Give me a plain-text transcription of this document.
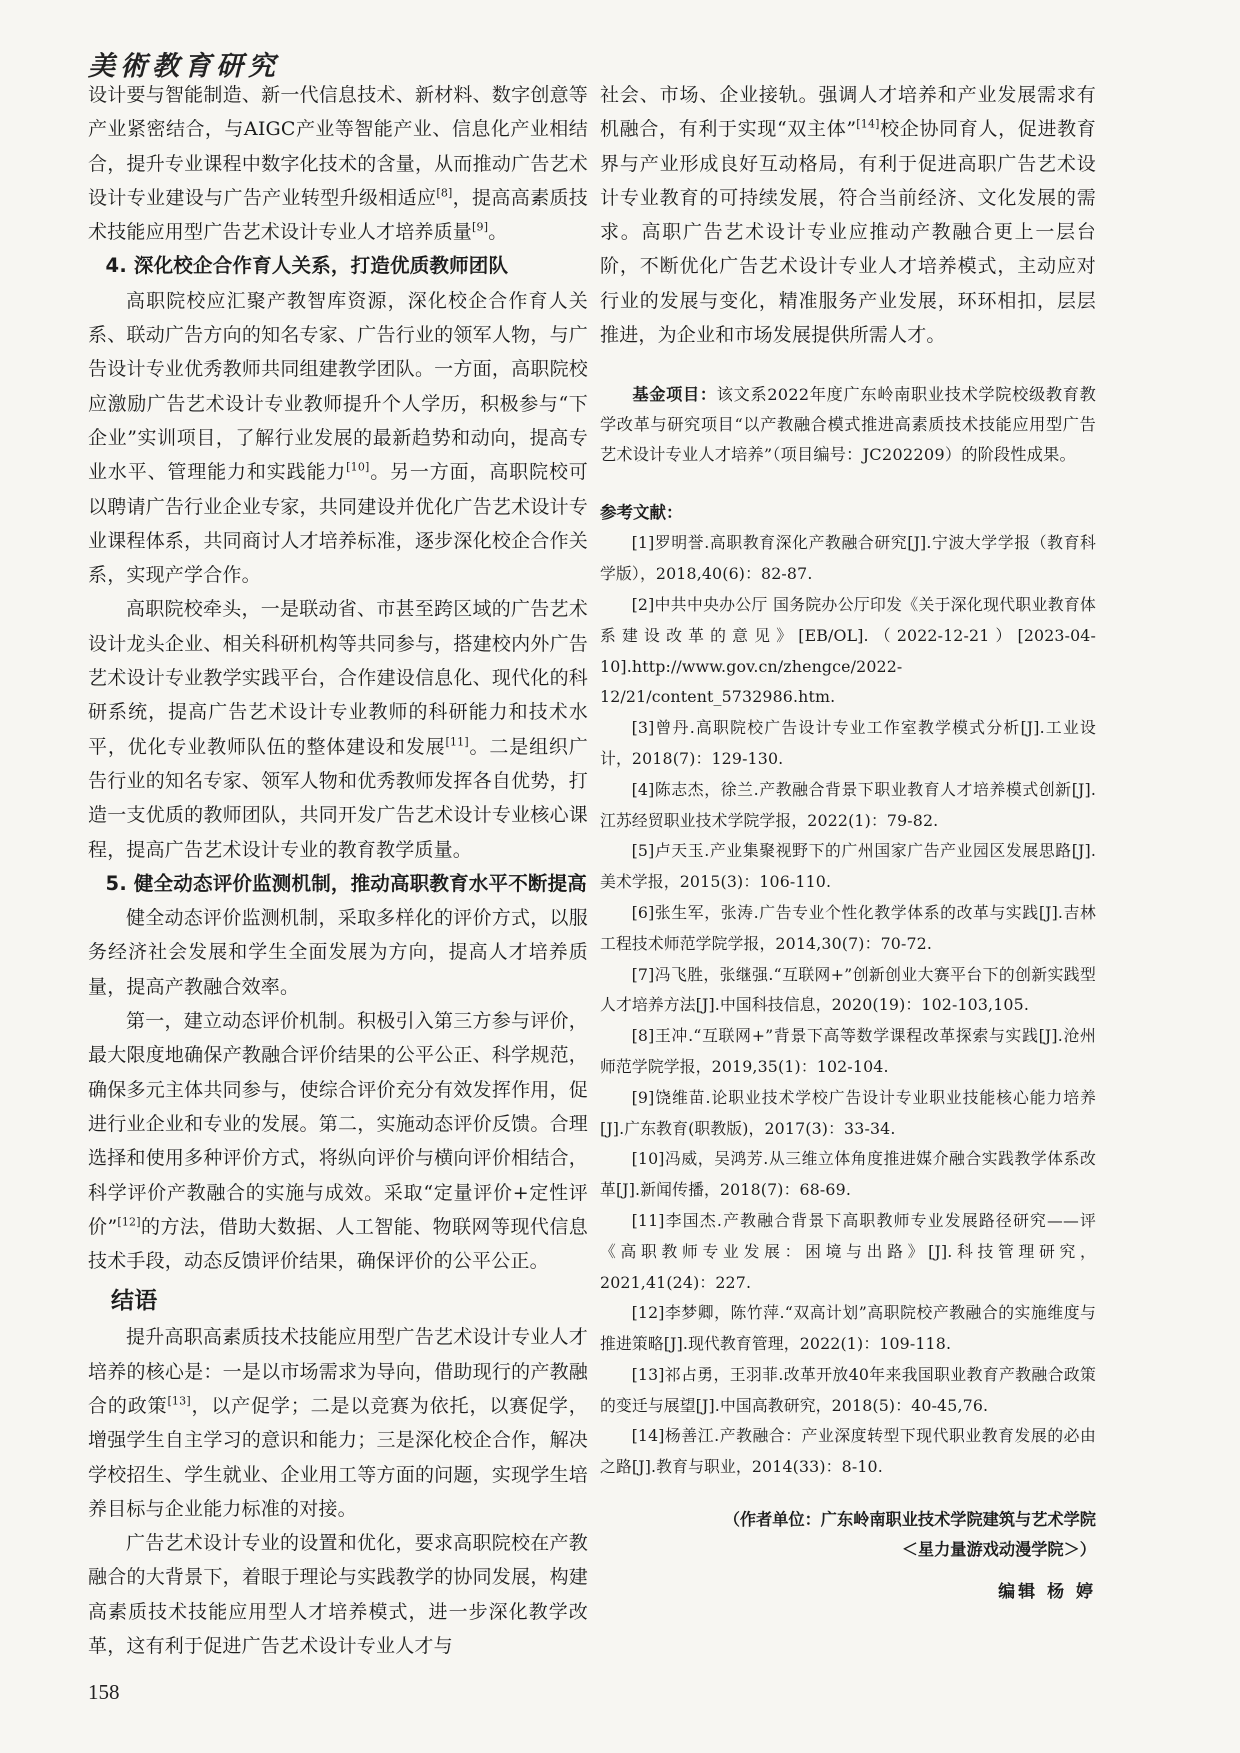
美術教育研究

设计要与智能制造、新一代信息技术、新材料、数字创意等产业紧密结合，与AIGC产业等智能产业、信息化产业相结合，提升专业课程中数字化技术的含量，从而推动广告艺术设计专业建设与广告产业转型升级相适应[8]，提高高素质技术技能应用型广告艺术设计专业人才培养质量[9]。

4. 深化校企合作育人关系，打造优质教师团队

高职院校应汇聚产教智库资源，深化校企合作育人关系、联动广告方向的知名专家、广告行业的领军人物，与广告设计专业优秀教师共同组建教学团队。一方面，高职院校应激励广告艺术设计专业教师提升个人学历，积极参与“下企业”实训项目，了解行业发展的最新趋势和动向，提高专业水平、管理能力和实践能力[10]。另一方面，高职院校可以聘请广告行业企业专家，共同建设并优化广告艺术设计专业课程体系，共同商讨人才培养标准，逐步深化校企合作关系，实现产学合作。

高职院校牵头，一是联动省、市甚至跨区域的广告艺术设计龙头企业、相关科研机构等共同参与，搭建校内外广告艺术设计专业教学实践平台，合作建设信息化、现代化的科研系统，提高广告艺术设计专业教师的科研能力和技术水平，优化专业教师队伍的整体建设和发展[11]。二是组织广告行业的知名专家、领军人物和优秀教师发挥各自优势，打造一支优质的教师团队，共同开发广告艺术设计专业核心课程，提高广告艺术设计专业的教育教学质量。

5. 健全动态评价监测机制，推动高职教育水平不断提高

健全动态评价监测机制，采取多样化的评价方式，以服务经济社会发展和学生全面发展为方向，提高人才培养质量，提高产教融合效率。

第一，建立动态评价机制。积极引入第三方参与评价，最大限度地确保产教融合评价结果的公平公正、科学规范，确保多元主体共同参与，使综合评价充分有效发挥作用，促进行业企业和专业的发展。第二，实施动态评价反馈。合理选择和使用多种评价方式，将纵向评价与横向评价相结合，科学评价产教融合的实施与成效。采取“定量评价+定性评价”[12]的方法，借助大数据、人工智能、物联网等现代信息技术手段，动态反馈评价结果，确保评价的公平公正。

结语

提升高职高素质技术技能应用型广告艺术设计专业人才培养的核心是：一是以市场需求为导向，借助现行的产教融合的政策[13]，以产促学；二是以竞赛为依托，以赛促学，增强学生自主学习的意识和能力；三是深化校企合作，解决学校招生、学生就业、企业用工等方面的问题，实现学生培养目标与企业能力标准的对接。

广告艺术设计专业的设置和优化，要求高职院校在产教融合的大背景下，着眼于理论与实践教学的协同发展，构建高素质技术技能应用型人才培养模式，进一步深化教学改革，这有利于促进广告艺术设计专业人才与

社会、市场、企业接轨。强调人才培养和产业发展需求有机融合，有利于实现“双主体”[14]校企协同育人，促进教育界与产业形成良好互动格局，有利于促进高职广告艺术设计专业教育的可持续发展，符合当前经济、文化发展的需求。高职广告艺术设计专业应推动产教融合更上一层台阶，不断优化广告艺术设计专业人才培养模式，主动应对行业的发展与变化，精准服务产业发展，环环相扣，层层推进，为企业和市场发展提供所需人才。

基金项目：该文系2022年度广东岭南职业技术学院校级教育教学改革与研究项目“以产教融合模式推进高素质技术技能应用型广告艺术设计专业人才培养”（项目编号：JC202209）的阶段性成果。

参考文献：

[1]罗明誉.高职教育深化产教融合研究[J].宁波大学学报（教育科学版），2018,40(6)：82-87.

[2]中共中央办公厅 国务院办公厅印发《关于深化现代职业教育体系建设改革的意见》[EB/OL].（2022-12-21）[2023-04-10].http://www.gov.cn/zhengce/2022-12/21/content_5732986.htm.

[3]曾丹.高职院校广告设计专业工作室教学模式分析[J].工业设计，2018(7)：129-130.

[4]陈志杰，徐兰.产教融合背景下职业教育人才培养模式创新[J].江苏经贸职业技术学院学报，2022(1)：79-82.

[5]卢天玉.产业集聚视野下的广州国家广告产业园区发展思路[J].美术学报，2015(3)：106-110.

[6]张生军，张涛.广告专业个性化教学体系的改革与实践[J].吉林工程技术师范学院学报，2014,30(7)：70-72.

[7]冯飞胜，张继强.“互联网+”创新创业大赛平台下的创新实践型人才培养方法[J].中国科技信息，2020(19)：102-103,105.

[8]王冲.“互联网+”背景下高等数学课程改革探索与实践[J].沧州师范学院学报，2019,35(1)：102-104.

[9]饶维苗.论职业技术学校广告设计专业职业技能核心能力培养[J].广东教育(职教版)，2017(3)：33-34.

[10]冯威，吴鸿芳.从三维立体角度推进媒介融合实践教学体系改革[J].新闻传播，2018(7)：68-69.

[11]李国杰.产教融合背景下高职教师专业发展路径研究——评《高职教师专业发展：困境与出路》[J].科技管理研究，2021,41(24)：227.

[12]李梦卿，陈竹萍.“双高计划”高职院校产教融合的实施维度与推进策略[J].现代教育管理，2022(1)：109-118.

[13]祁占勇，王羽菲.改革开放40年来我国职业教育产教融合政策的变迁与展望[J].中国高教研究，2018(5)：40-45,76.

[14]杨善江.产教融合：产业深度转型下现代职业教育发展的必由之路[J].教育与职业，2014(33)：8-10.

（作者单位：广东岭南职业技术学院建筑与艺术学院

＜星力量游戏动漫学院＞）

编辑 杨 婷

158
